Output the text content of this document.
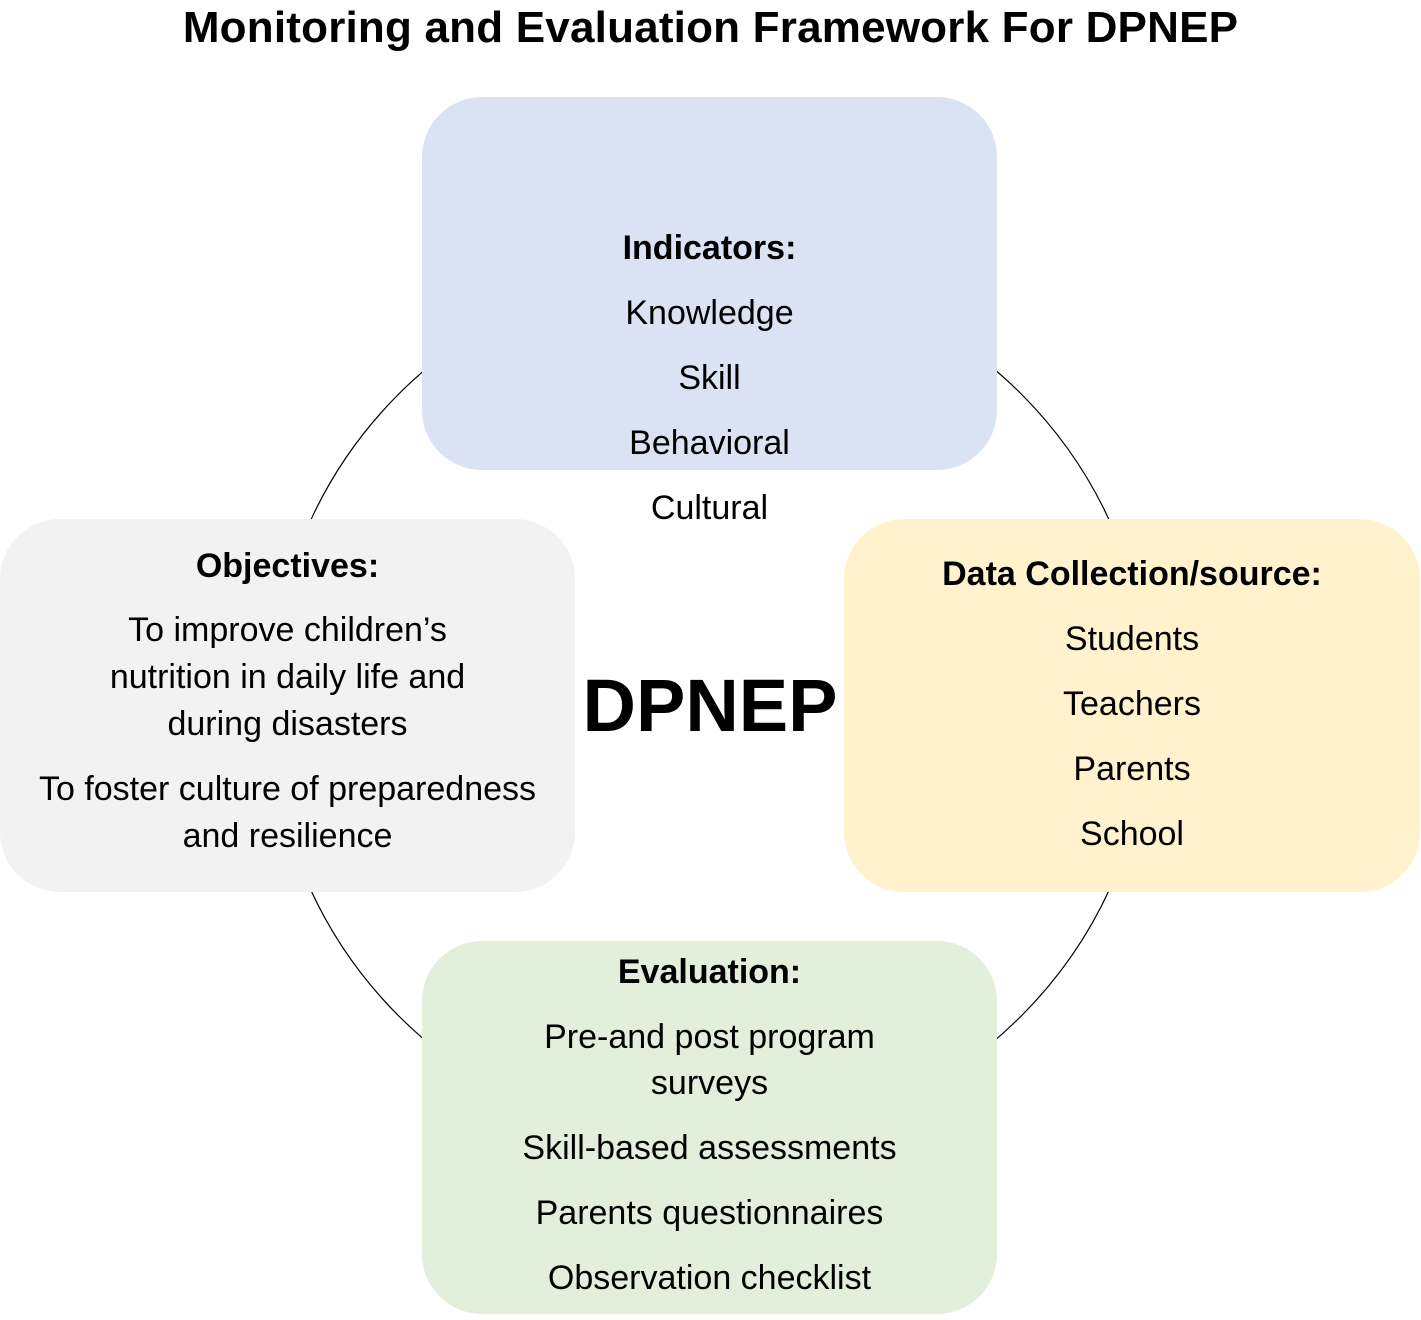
Monitoring and Evaluation Framework For DPNEP
DPNEP
Indicators:
Knowledge
Skill
Behavioral
Cultural
Objectives:
To improve children’s nutrition in daily life and during disasters
To foster culture of preparedness and resilience
Data Collection/source:
Students
Teachers
Parents
School
Evaluation:
Pre-and post program surveys
Skill-based assessments
Parents questionnaires
Observation checklist
